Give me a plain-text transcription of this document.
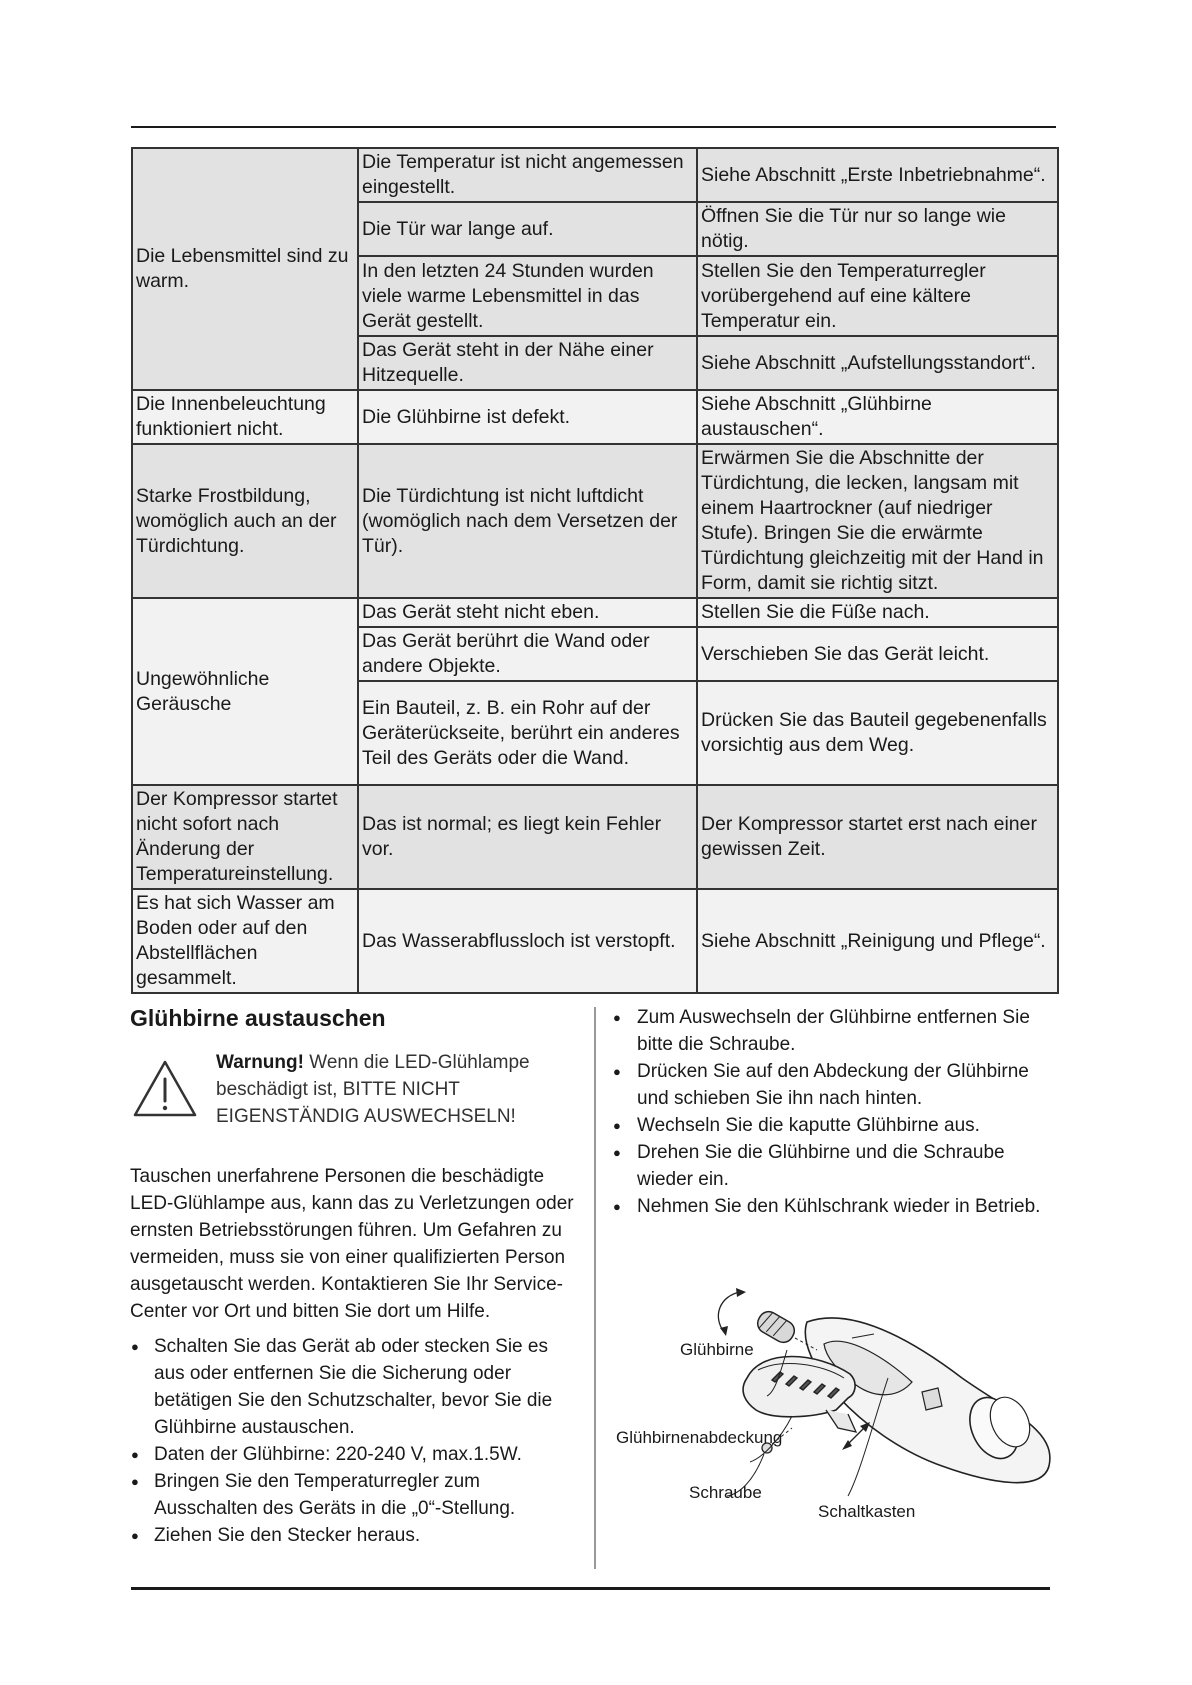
Die Lebensmittel sind zu warm.	Die Temperatur ist nicht angemessen eingestellt.	Siehe Abschnitt „Erste Inbetriebnahme“.
	Die Tür war lange auf.	Öffnen Sie die Tür nur so lange wie nötig.
	In den letzten 24 Stunden wurden viele warme Lebensmittel in das Gerät gestellt.	Stellen Sie den Temperaturregler vorübergehend auf eine kältere Temperatur ein.
	Das Gerät steht in der Nähe einer Hitzequelle.	Siehe Abschnitt „Aufstellungsstandort“.
Die Innenbeleuchtung funktioniert nicht.	Die Glühbirne ist defekt.	Siehe Abschnitt „Glühbirne austauschen“.
Starke Frostbildung, womöglich auch an der Türdichtung.	Die Türdichtung ist nicht luftdicht (womöglich nach dem Versetzen der Tür).	Erwärmen Sie die Abschnitte der Türdichtung, die lecken, langsam mit einem Haartrockner (auf niedriger Stufe). Bringen Sie die erwärmte Türdichtung gleichzeitig mit der Hand in Form, damit sie richtig sitzt.
Ungewöhnliche Geräusche	Das Gerät steht nicht eben.	Stellen Sie die Füße nach.
	Das Gerät berührt die Wand oder andere Objekte.	Verschieben Sie das Gerät leicht.
	Ein Bauteil, z. B. ein Rohr auf der Geräterückseite, berührt ein anderes Teil des Geräts oder die Wand.	Drücken Sie das Bauteil gegebenenfalls vorsichtig aus dem Weg.
Der Kompressor startet nicht sofort nach Änderung der Temperatureinstellung.	Das ist normal; es liegt kein Fehler vor.	Der Kompressor startet erst nach einer gewissen Zeit.
Es hat sich Wasser am Boden oder auf den Abstellflächen gesammelt.	Das Wasserabflussloch ist verstopft.	Siehe Abschnitt „Reinigung und Pflege“.
Glühbirne austauschen
Warnung! Wenn die LED-Glühlampe beschädigt ist, BITTE NICHT EIGENSTÄNDIG AUSWECHSELN!

Tauschen unerfahrene Personen die beschädigte LED-Glühlampe aus, kann das zu Verletzungen oder ernsten Betriebsstörungen führen. Um Gefahren zu vermeiden, muss sie von einer qualifizierten Person ausgetauscht werden. Kontaktieren Sie Ihr Service-Center vor Ort und bitten Sie dort um Hilfe.

● Schalten Sie das Gerät ab oder stecken Sie es aus oder entfernen Sie die Sicherung oder betätigen Sie den Schutzschalter, bevor Sie die Glühbirne austauschen.
● Daten der Glühbirne: 220-240 V, max.1.5W.
● Bringen Sie den Temperaturregler zum Ausschalten des Geräts in die „0“-Stellung.
● Ziehen Sie den Stecker heraus.
● Zum Auswechseln der Glühbirne entfernen Sie bitte die Schraube.
● Drücken Sie auf den Abdeckung der Glühbirne und schieben Sie ihn nach hinten.
● Wechseln Sie die kaputte Glühbirne aus.
● Drehen Sie die Glühbirne und die Schraube wieder ein.
● Nehmen Sie den Kühlschrank wieder in Betrieb.
Glühbirne
Glühbirnenabdeckung
Schraube
Schaltkasten
